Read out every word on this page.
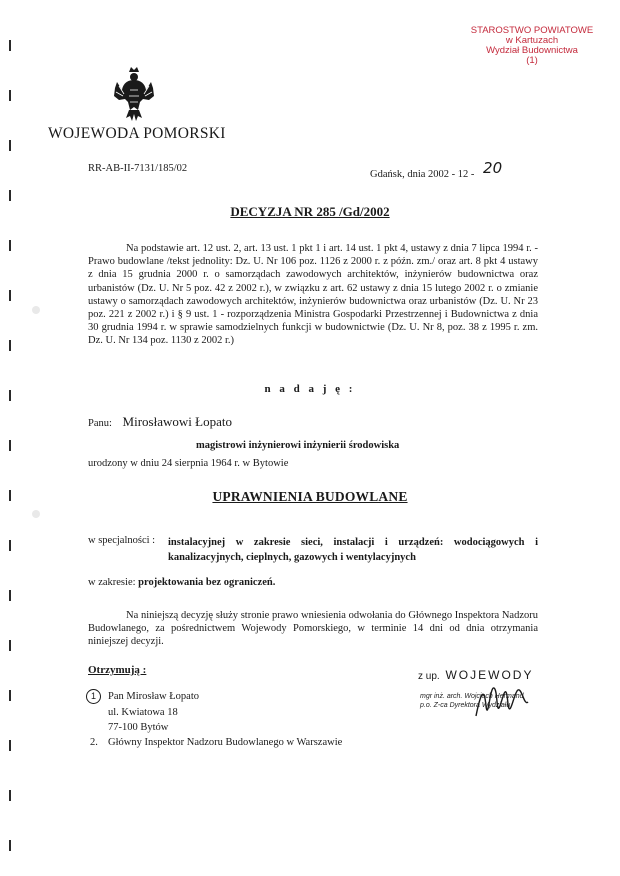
STAROSTWO POWIATOWE
w Kartuzach
Wydział Budownictwa
(1)
WOJEWODA POMORSKI
RR-AB-II-7131/185/02
Gdańsk, dnia 2002 - 12 - 20
DECYZJA NR 285 /Gd/2002
Na podstawie art. 12 ust. 2, art. 13 ust. 1 pkt 1 i art. 14 ust. 1 pkt 4, ustawy z dnia 7 lipca 1994 r. - Prawo budowlane /tekst jednolity: Dz. U. Nr 106 poz. 1126 z 2000 r. z późn. zm./ oraz art. 8 pkt 4 ustawy z dnia 15 grudnia 2000 r. o samorządach zawodowych architektów, inżynierów budownictwa oraz urbanistów (Dz. U. Nr 5 poz. 42 z 2002 r.), w związku z art. 62 ustawy z dnia 15 lutego 2002 r. o zmianie ustawy o samorządach zawodowych architektów, inżynierów budownictwa oraz urbanistów (Dz. U. Nr 23 poz. 221 z 2002 r.) i § 9 ust. 1 - rozporządzenia Ministra Gospodarki Przestrzennej i Budownictwa z dnia 30 grudnia 1994 r. w sprawie samodzielnych funkcji w budownictwie (Dz. U. Nr 8, poz. 38 z 1995 r. zm. Dz. U. Nr 134 poz. 1130 z 2002 r.)
n a d a j ę :
Panu: Mirosławowi Łopato
magistrowi inżynierowi inżynierii środowiska
urodzony w dniu 24 sierpnia 1964 r. w Bytowie
UPRAWNIENIA BUDOWLANE
w specjalności : instalacyjnej w zakresie sieci, instalacji i urządzeń: wodociągowych i kanalizacyjnych, cieplnych, gazowych i wentylacyjnych
w zakresie: projektowania bez ograniczeń.
Na niniejszą decyzję służy stronie prawo wniesienia odwołania do Głównego Inspektora Nadzoru Budowlanego, za pośrednictwem Wojewody Pomorskiego, w terminie 14 dni od dnia otrzymania niniejszej decyzji.
Otrzymują :
1	Pan Mirosław Łopato
ul. Kwiatowa 18
77-100 Bytów
2. Główny Inspektor Nadzoru Budowlanego w Warszawie
z up. WOJEWODY
mgr inż. arch. Wojciech Hermand
p.o. Z-ca Dyrektora Wydziału
